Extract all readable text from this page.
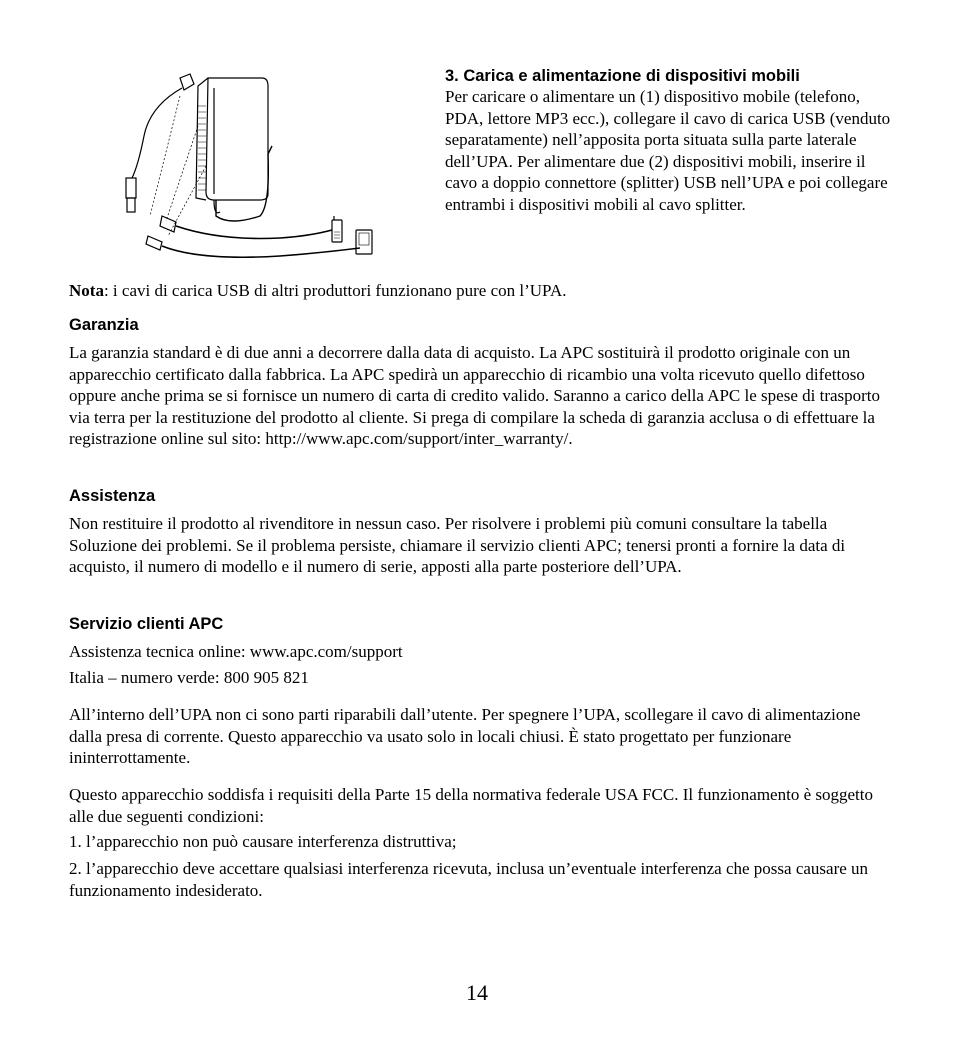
3. Carica e alimentazione di dispositivi mobili

Per caricare o alimentare un (1) dispositivo mobile (telefono, PDA, lettore MP3 ecc.), collegare il cavo di carica USB (venduto separatamente) nell’apposita porta situata sulla parte laterale dell’UPA. Per alimentare due (2) dispositivi mobili, inserire il cavo a doppio connettore (splitter) USB nell’UPA e poi collegare entrambi i dispositivi mobili al cavo splitter.

Nota: i cavi di carica USB di altri produttori funzionano pure con l’UPA.

Garanzia

La garanzia standard è di due anni a decorrere dalla data di acquisto. La APC sostituirà il prodotto originale con un apparecchio certificato dalla fabbrica. La APC spedirà un apparecchio di ricambio una volta ricevuto quello difettoso oppure anche prima se si fornisce un numero di carta di credito valido. Saranno a carico della APC le spese di trasporto via terra per la restituzione del prodotto al cliente. Si prega di compilare la scheda di garanzia acclusa o di effettuare la registrazione online sul sito: http://www.apc.com/support/inter_warranty/.

Assistenza

Non restituire il prodotto al rivenditore in nessun caso. Per risolvere i problemi più comuni consultare la tabella Soluzione dei problemi. Se il problema persiste, chiamare il servizio clienti APC; tenersi pronti a fornire la data di acquisto, il numero di modello e il numero di serie, apposti alla parte posteriore dell’UPA.

Servizio clienti APC

Assistenza tecnica online: www.apc.com/support

Italia – numero verde: 800 905 821

All’interno dell’UPA non ci sono parti riparabili dall’utente. Per spegnere l’UPA, scollegare il cavo di alimentazione dalla presa di corrente. Questo apparecchio va usato solo in locali chiusi. È stato progettato per funzionare ininterrottamente.

Questo apparecchio soddisfa i requisiti della Parte 15 della normativa federale USA FCC. Il funzionamento è soggetto alle due seguenti condizioni:

1. l’apparecchio non può causare interferenza distruttiva;

2. l’apparecchio deve accettare qualsiasi interferenza ricevuta, inclusa un’eventuale interferenza che possa causare un funzionamento indesiderato.

14
